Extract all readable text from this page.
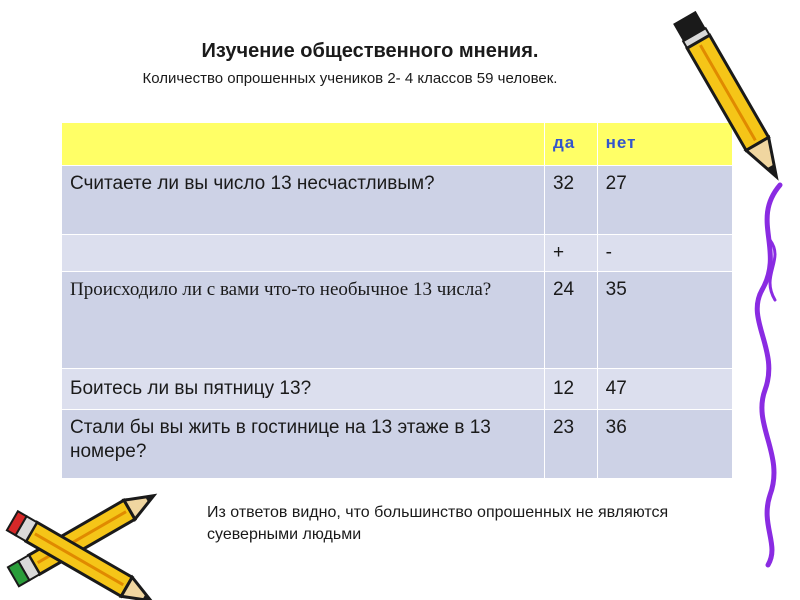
Изучение общественного мнения.
Количество опрошенных учеников 2- 4 классов 59 человек.
	да	нет
Считаете ли вы число 13 несчастливым?	32	27
	+	-
Происходило ли с вами что-то необычное 13 числа?	24	35
Боитесь ли вы пятницу 13?	12	47
Стали бы вы жить в гостинице на 13 этаже в 13 номере?	23	36
Из ответов видно, что большинство опрошенных не являются суеверными людьми
